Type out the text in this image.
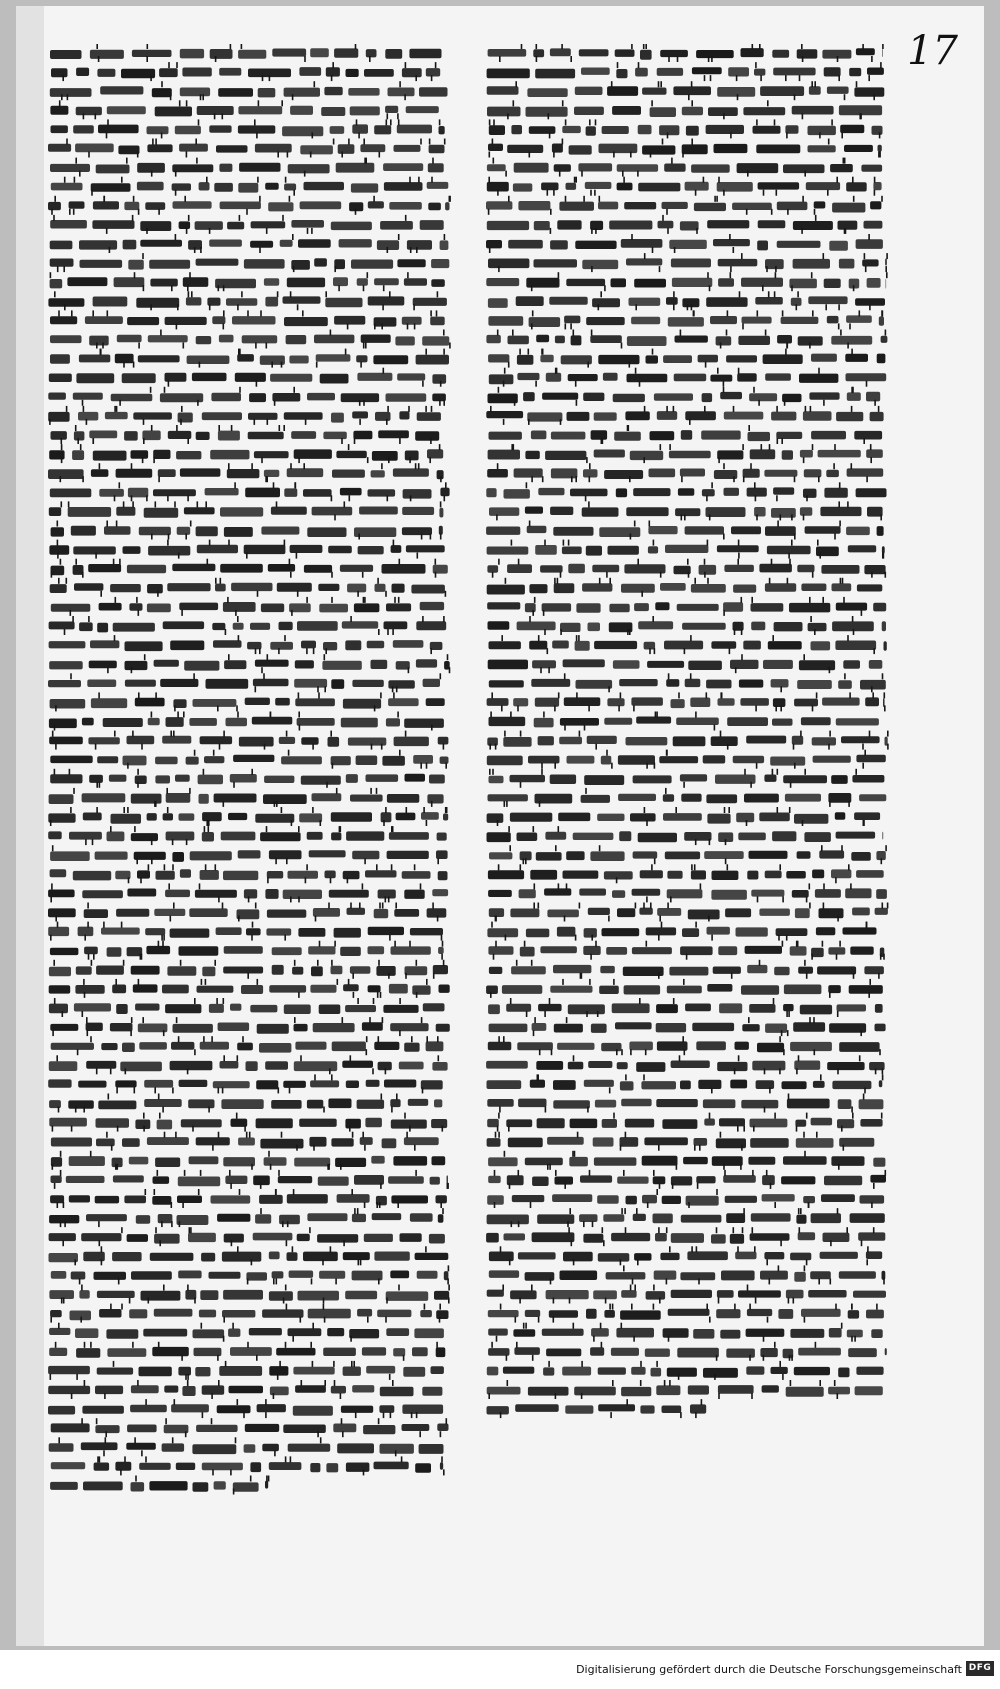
17
Digitalisierung gefördert durch die Deutsche Forschungsgemeinschaft DFG
